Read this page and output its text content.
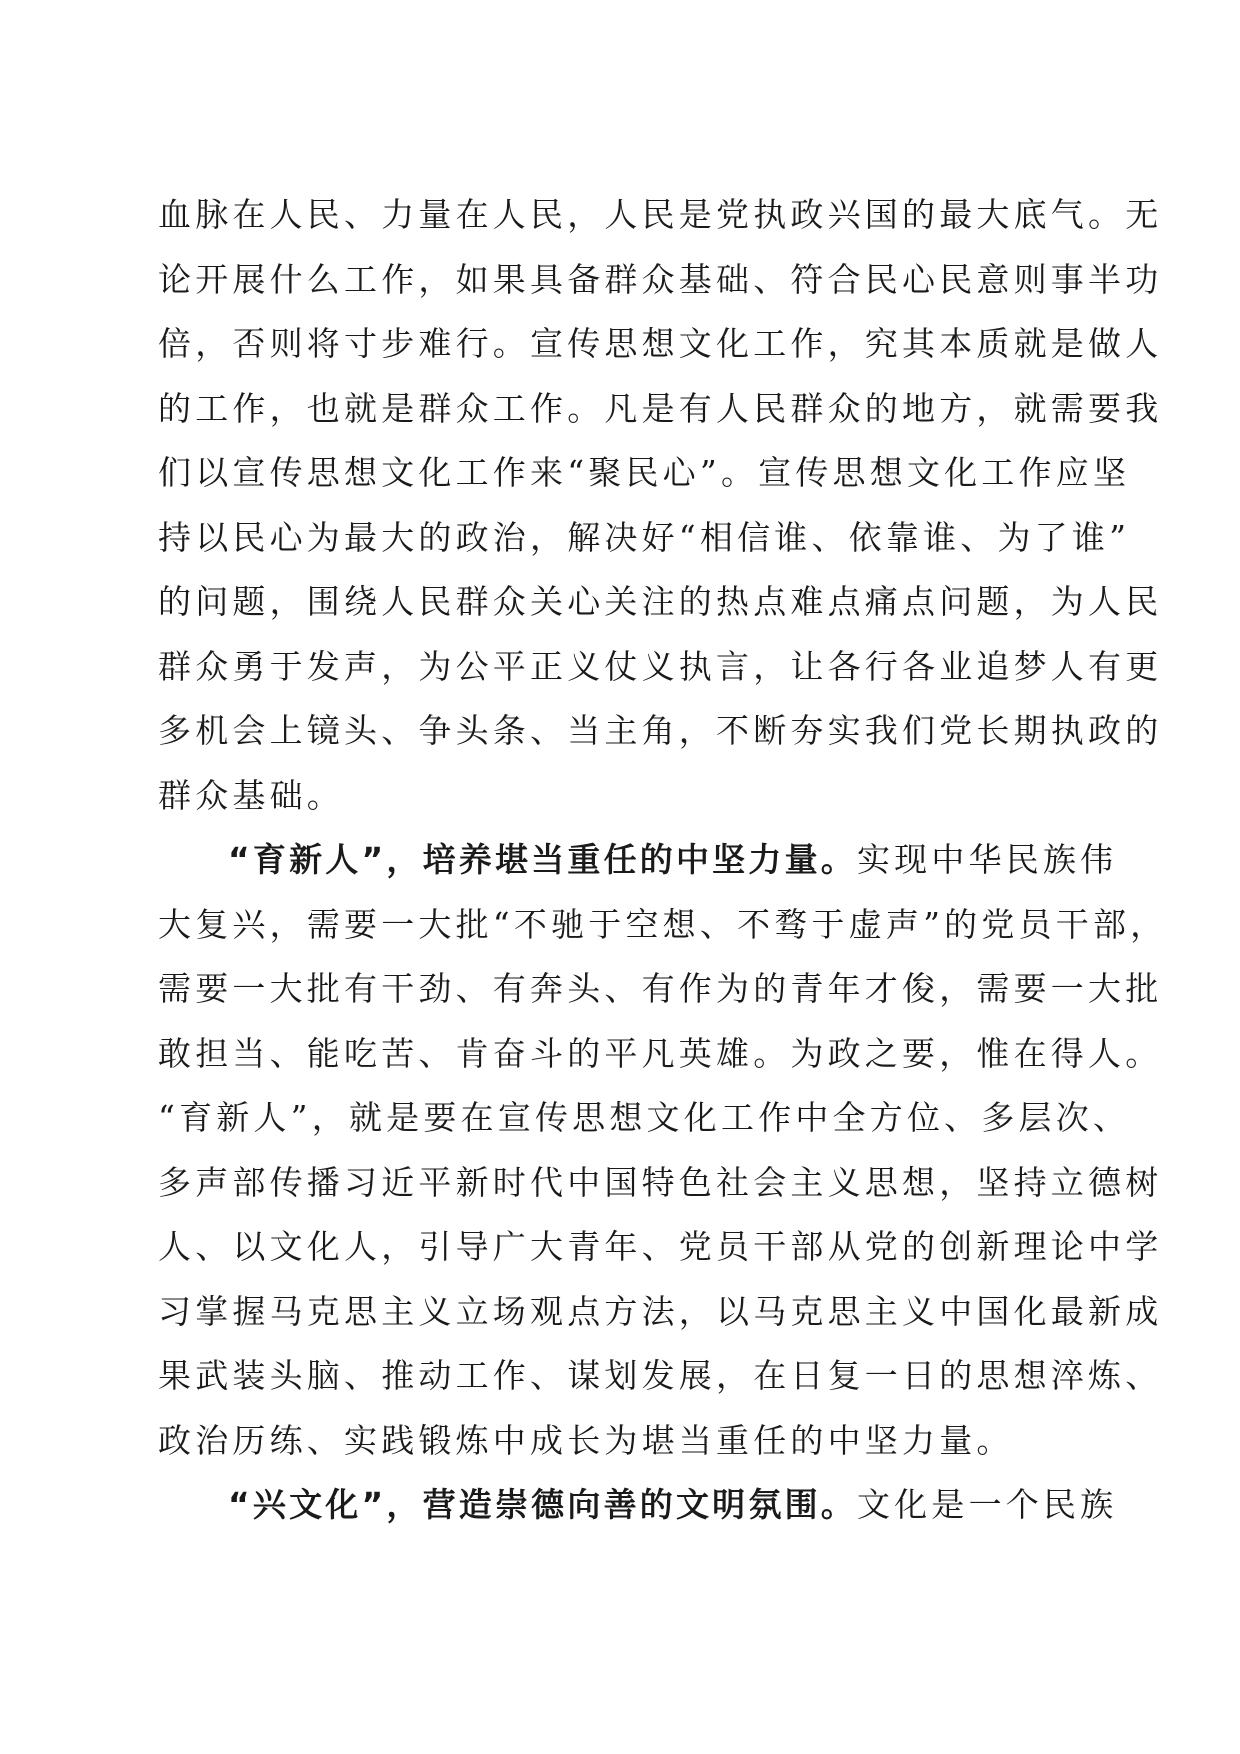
血脉在人民、力量在人民，人民是党执政兴国的最大底气。无
论开展什么工作，如果具备群众基础、符合民心民意则事半功
倍，否则将寸步难行。宣传思想文化工作，究其本质就是做人
的工作，也就是群众工作。凡是有人民群众的地方，就需要我
们以宣传思想文化工作来“聚民心”。宣传思想文化工作应坚
持以民心为最大的政治，解决好“相信谁、依靠谁、为了谁”
的问题，围绕人民群众关心关注的热点难点痛点问题，为人民
群众勇于发声，为公平正义仗义执言，让各行各业追梦人有更
多机会上镜头、争头条、当主角，不断夯实我们党长期执政的
群众基础。
“育新人”，培养堪当重任的中坚力量。实现中华民族伟
大复兴，需要一大批“不驰于空想、不骛于虚声”的党员干部，
需要一大批有干劲、有奔头、有作为的青年才俊，需要一大批
敢担当、能吃苦、肯奋斗的平凡英雄。为政之要，惟在得人。
“育新人”，就是要在宣传思想文化工作中全方位、多层次、
多声部传播习近平新时代中国特色社会主义思想，坚持立德树
人、以文化人，引导广大青年、党员干部从党的创新理论中学
习掌握马克思主义立场观点方法，以马克思主义中国化最新成
果武装头脑、推动工作、谋划发展，在日复一日的思想淬炼、
政治历练、实践锻炼中成长为堪当重任的中坚力量。
“兴文化”，营造崇德向善的文明氛围。文化是一个民族
